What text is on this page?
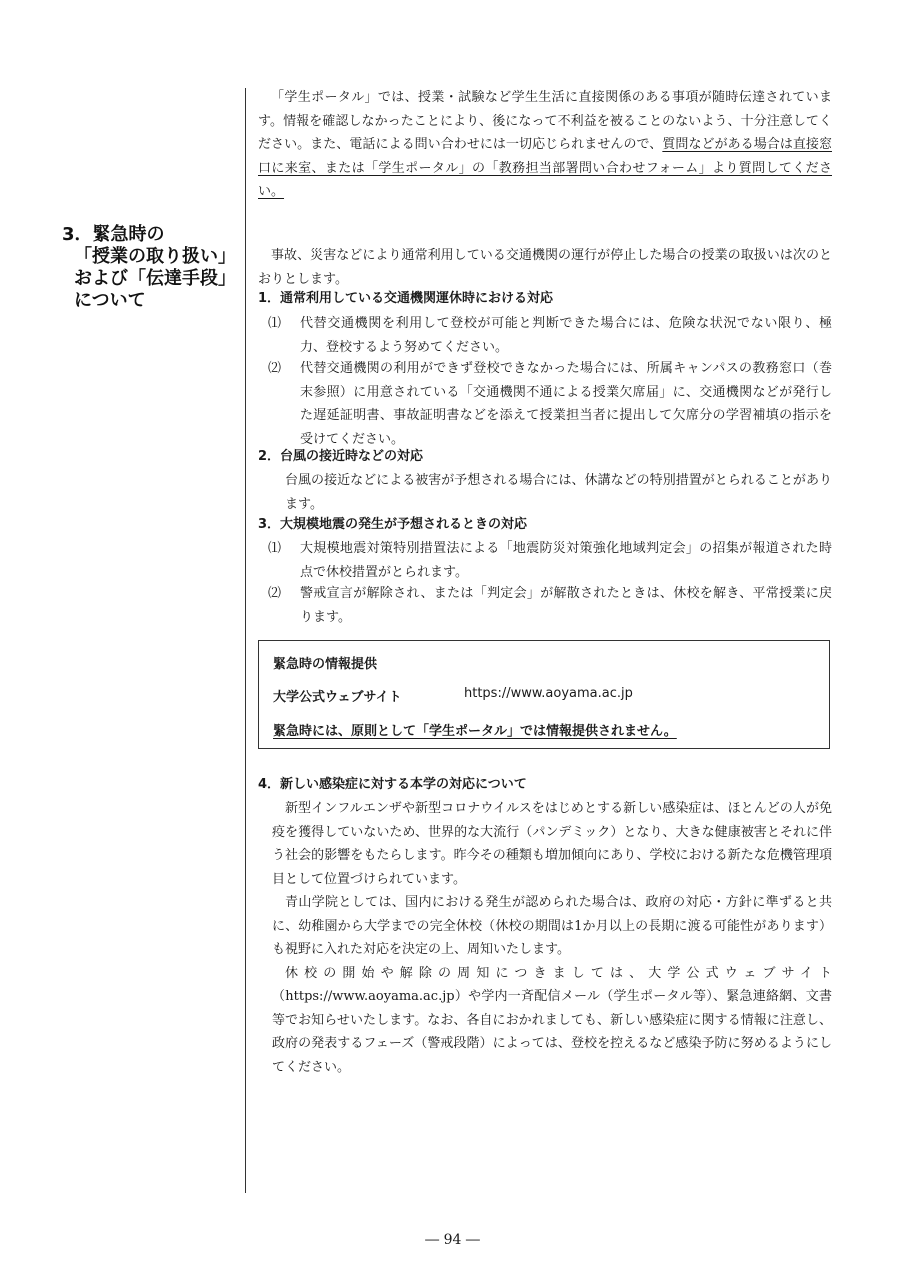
「学生ポータル」では、授業・試験など学生生活に直接関係のある事項が随時伝達されています。情報を確認しなかったことにより、後になって不利益を被ることのないよう、十分注意してください。また、電話による問い合わせには一切応じられませんので、質問などがある場合は直接窓口に来室、または「学生ポータル」の「教務担当部署問い合わせフォーム」より質問してください。

3．緊急時の
「授業の取り扱い」
および「伝達手段」
について

事故、災害などにより通常利用している交通機関の運行が停止した場合の授業の取扱いは次のとおりとします。

1．通常利用している交通機関運休時における対応

⑴	代替交通機関を利用して登校が可能と判断できた場合には、危険な状況でない限り、極力、登校するよう努めてください。
⑵	代替交通機関の利用ができず登校できなかった場合には、所属キャンパスの教務窓口（巻末参照）に用意されている「交通機関不通による授業欠席届」に、交通機関などが発行した遅延証明書、事故証明書などを添えて授業担当者に提出して欠席分の学習補填の指示を受けてください。

2．台風の接近時などの対応

台風の接近などによる被害が予想される場合には、休講などの特別措置がとられることがあります。

3．大規模地震の発生が予想されるときの対応

⑴	大規模地震対策特別措置法による「地震防災対策強化地域判定会」の招集が報道された時点で休校措置がとられます。
⑵	警戒宣言が解除され、または「判定会」が解散されたときは、休校を解き、平常授業に戻ります。
緊急時の情報提供
大学公式ウェブサイト	https://www.aoyama.ac.jp
緊急時には、原則として「学生ポータル」では情報提供されません。

4．新しい感染症に対する本学の対応について

新型インフルエンザや新型コロナウイルスをはじめとする新しい感染症は、ほとんどの人が免疫を獲得していないため、世界的な大流行（パンデミック）となり、大きな健康被害とそれに伴う社会的影響をもたらします。昨今その種類も増加傾向にあり、学校における新たな危機管理項目として位置づけられています。

青山学院としては、国内における発生が認められた場合は、政府の対応・方針に準ずると共に、幼稚園から大学までの完全休校（休校の期間は1か月以上の長期に渡る可能性があります）も視野に入れた対応を決定の上、周知いたします。

休校の開始や解除の周知につきましては、大学公式ウェブサイト（https://www.aoyama.ac.jp）や学内一斉配信メール（学生ポータル等）、緊急連絡網、文書等でお知らせいたします。なお、各自におかれましても、新しい感染症に関する情報に注意し、政府の発表するフェーズ（警戒段階）によっては、登校を控えるなど感染予防に努めるようにしてください。

― 94 ―
